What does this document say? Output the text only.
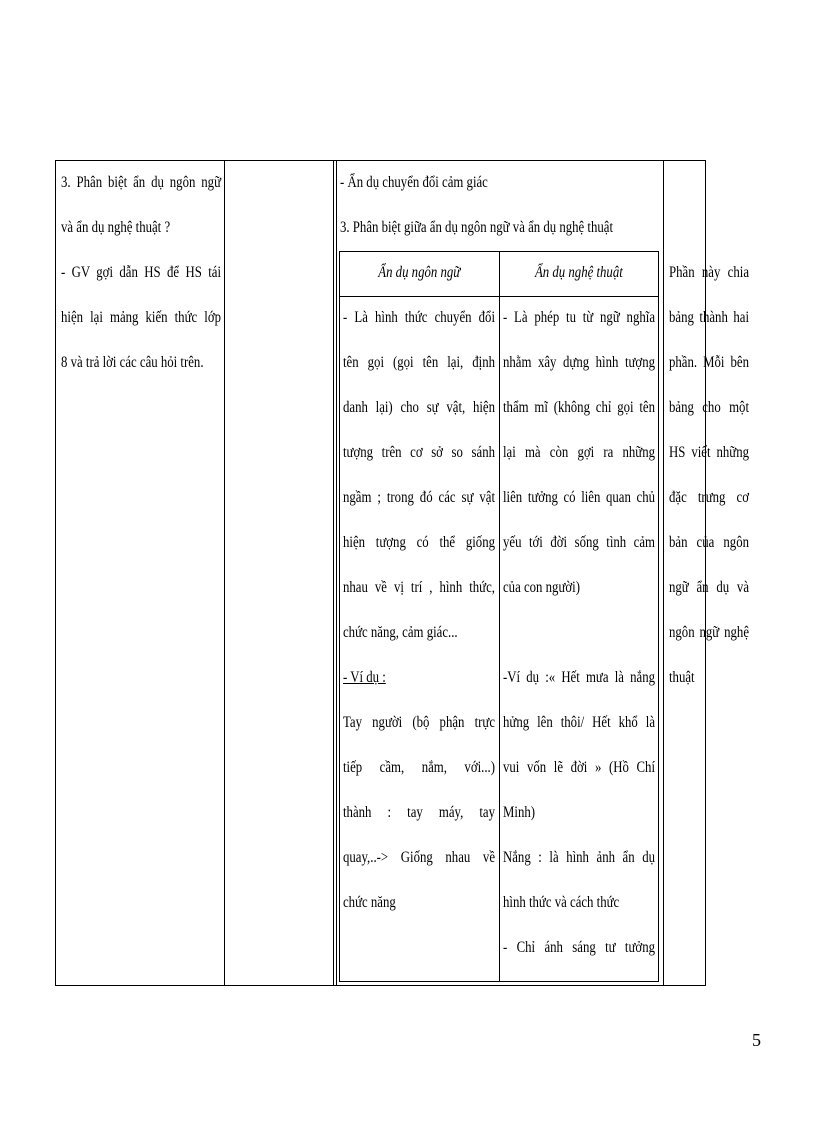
3. Phân biệt ẩn dụ ngôn ngữ
và ẩn dụ nghệ thuật ?
- GV gợi dẫn HS để HS tái
hiện lại mảng kiến thức lớp
8 và trả lời các câu hỏi trên.
- Ẩn dụ chuyển đổi cảm giác
3. Phân biệt giữa ẩn dụ ngôn ngữ và ẩn dụ nghệ thuật
Ẩn dụ ngôn ngữ	Ẩn dụ nghệ thuật
- Là hình thức chuyển đổi
tên gọi (gọi tên lại, định
danh lại) cho sự vật, hiện
tượng trên cơ sở so sánh
ngầm ; trong đó các sự vật
hiện tượng có thể giống
nhau về vị trí , hình thức,
chức năng, cảm giác...
- Ví dụ :
Tay người (bộ phận trực
tiếp cầm, nắm, với...)
thành : tay máy, tay
quay,..-> Giống nhau về
chức năng
- Là phép tu từ ngữ nghĩa
nhằm xây dựng hình tượng
thẩm mĩ (không chỉ gọi tên
lại mà còn gợi ra những
liên tưởng có liên quan chủ
yếu tới đời sống tình cảm
của con người)

-Ví dụ :« Hết mưa là nắng
hửng lên thôi/ Hết khổ là
vui vốn lẽ đời » (Hồ Chí
Minh)
Nắng : là hình ảnh ẩn dụ
hình thức và cách thức
- Chỉ ánh sáng tư tưởng
Phần này chia
bảng thành hai
phần. Mỗi bên
bảng cho một
HS viết những
đặc trưng cơ
bản của ngôn
ngữ ẩn dụ và
ngôn ngữ nghệ
thuật
5
